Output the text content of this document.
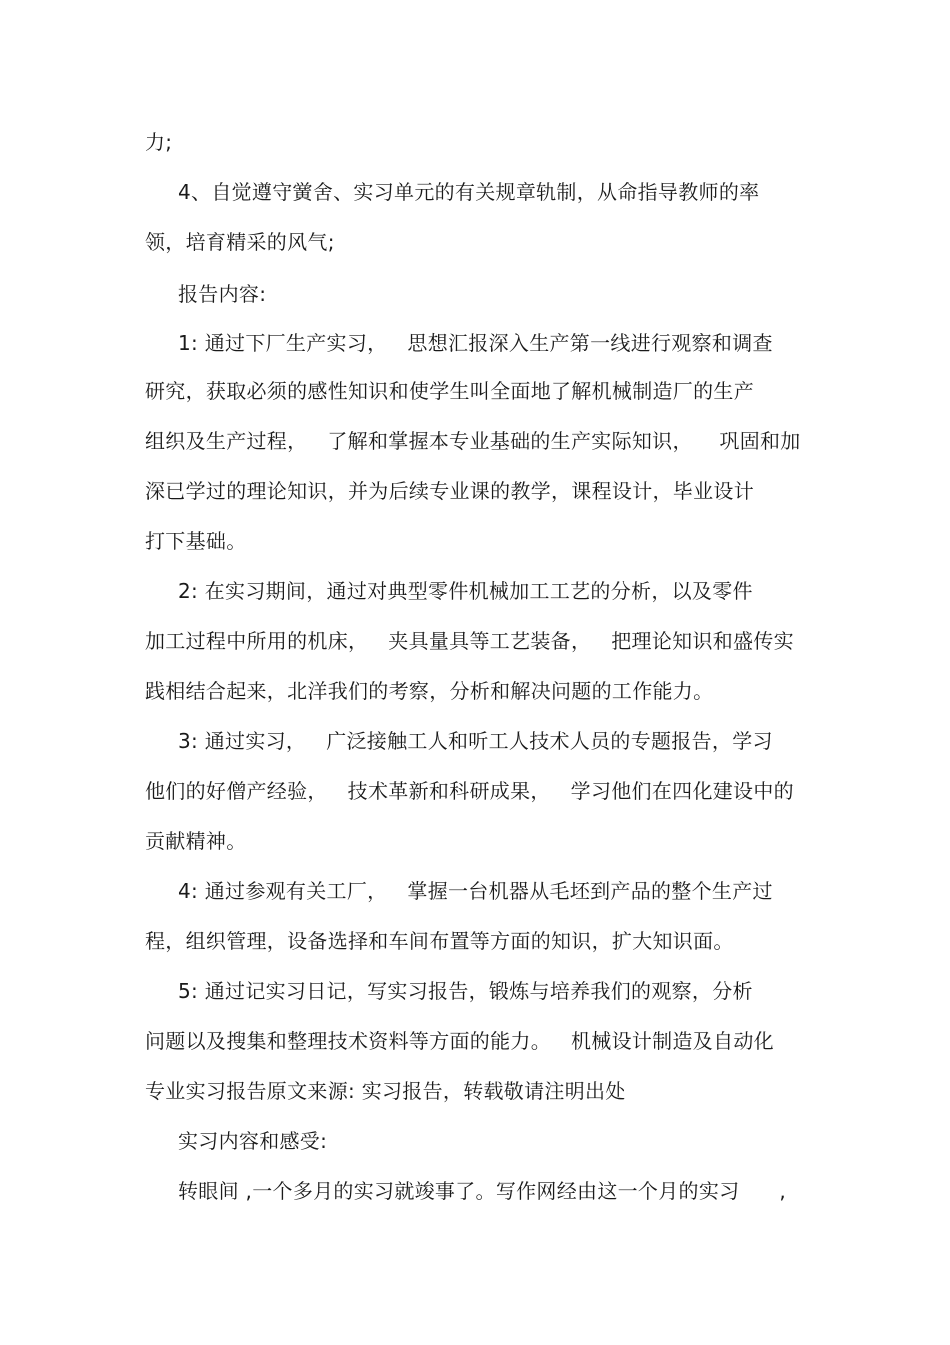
力;
4、自觉遵守黉舍、实习单元的有关规章轨制，从命指导教师的率
领，培育精采的风气;
报告内容:
1: 通过下厂生产实习，   思想汇报深入生产第一线进行观察和调查
研究，获取必须的感性知识和使学生叫全面地了解机械制造厂的生产
组织及生产过程，   了解和掌握本专业基础的生产实际知识，    巩固和加
深已学过的理论知识，并为后续专业课的教学，课程设计，毕业设计
打下基础。
2: 在实习期间，通过对典型零件机械加工工艺的分析，以及零件
加工过程中所用的机床，   夹具量具等工艺装备，   把理论知识和盛传实
践相结合起来，北洋我们的考察，分析和解决问题的工作能力。
3: 通过实习，   广泛接触工人和听工人技术人员的专题报告，学习
他们的好僧产经验，   技术革新和科研成果，   学习他们在四化建设中的
贡献精神。
4: 通过参观有关工厂，   掌握一台机器从毛坯到产品的整个生产过
程，组织管理，设备选择和车间布置等方面的知识，扩大知识面。
5: 通过记实习日记，写实习报告，锻炼与培养我们的观察，分析
问题以及搜集和整理技术资料等方面的能力。   机械设计制造及自动化
专业实习报告原文来源: 实习报告，转载敬请注明出处
实习内容和感受:
转眼间 ,一个多月的实习就竣事了。写作网经由这一个月的实习      ,
